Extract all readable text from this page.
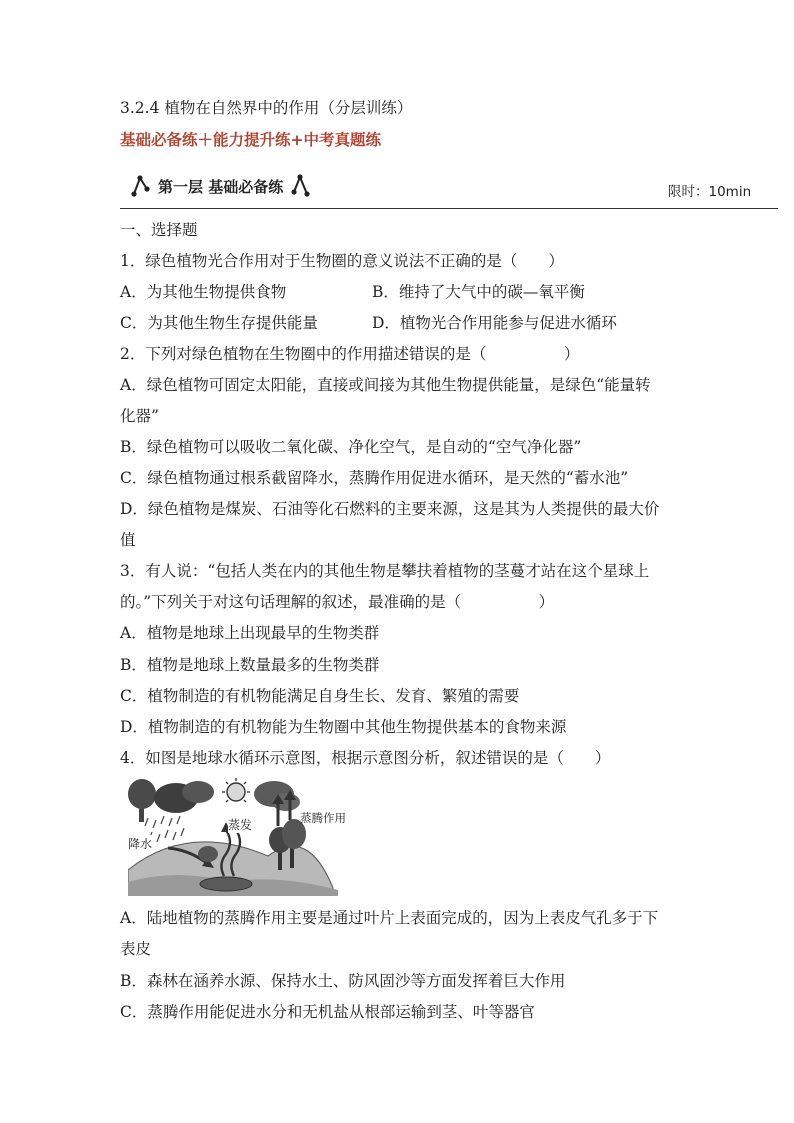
3.2.4 植物在自然界中的作用（分层训练）
基础必备练＋能力提升练+中考真题练
第一层 基础必备练	限时：10min
一、选择题
1．绿色植物光合作用对于生物圈的意义说法不正确的是（　　）
A．为其他生物提供食物	B．维持了大气中的碳—氧平衡
C．为其他生物生存提供能量	D．植物光合作用能参与促进水循环
2．下列对绿色植物在生物圈中的作用描述错误的是（　　　　　）
A．绿色植物可固定太阳能，直接或间接为其他生物提供能量，是绿色“能量转
化器”
B．绿色植物可以吸收二氧化碳、净化空气，是自动的“空气净化器”
C．绿色植物通过根系截留降水，蒸腾作用促进水循环，是天然的“蓄水池”
D．绿色植物是煤炭、石油等化石燃料的主要来源，这是其为人类提供的最大价
值
3．有人说：“包括人类在内的其他生物是攀扶着植物的茎蔓才站在这个星球上
的。”下列关于对这句话理解的叙述，最准确的是（　　　　　）
A．植物是地球上出现最早的生物类群
B．植物是地球上数量最多的生物类群
C．植物制造的有机物能满足自身生长、发育、繁殖的需要
D．植物制造的有机物能为生物圈中其他生物提供基本的食物来源
4．如图是地球水循环示意图，根据示意图分析，叙述错误的是（　　）
蒸发	蒸腾作用
降水
A．陆地植物的蒸腾作用主要是通过叶片上表面完成的，因为上表皮气孔多于下
表皮
B．森林在涵养水源、保持水土、防风固沙等方面发挥着巨大作用
C．蒸腾作用能促进水分和无机盐从根部运输到茎、叶等器官
